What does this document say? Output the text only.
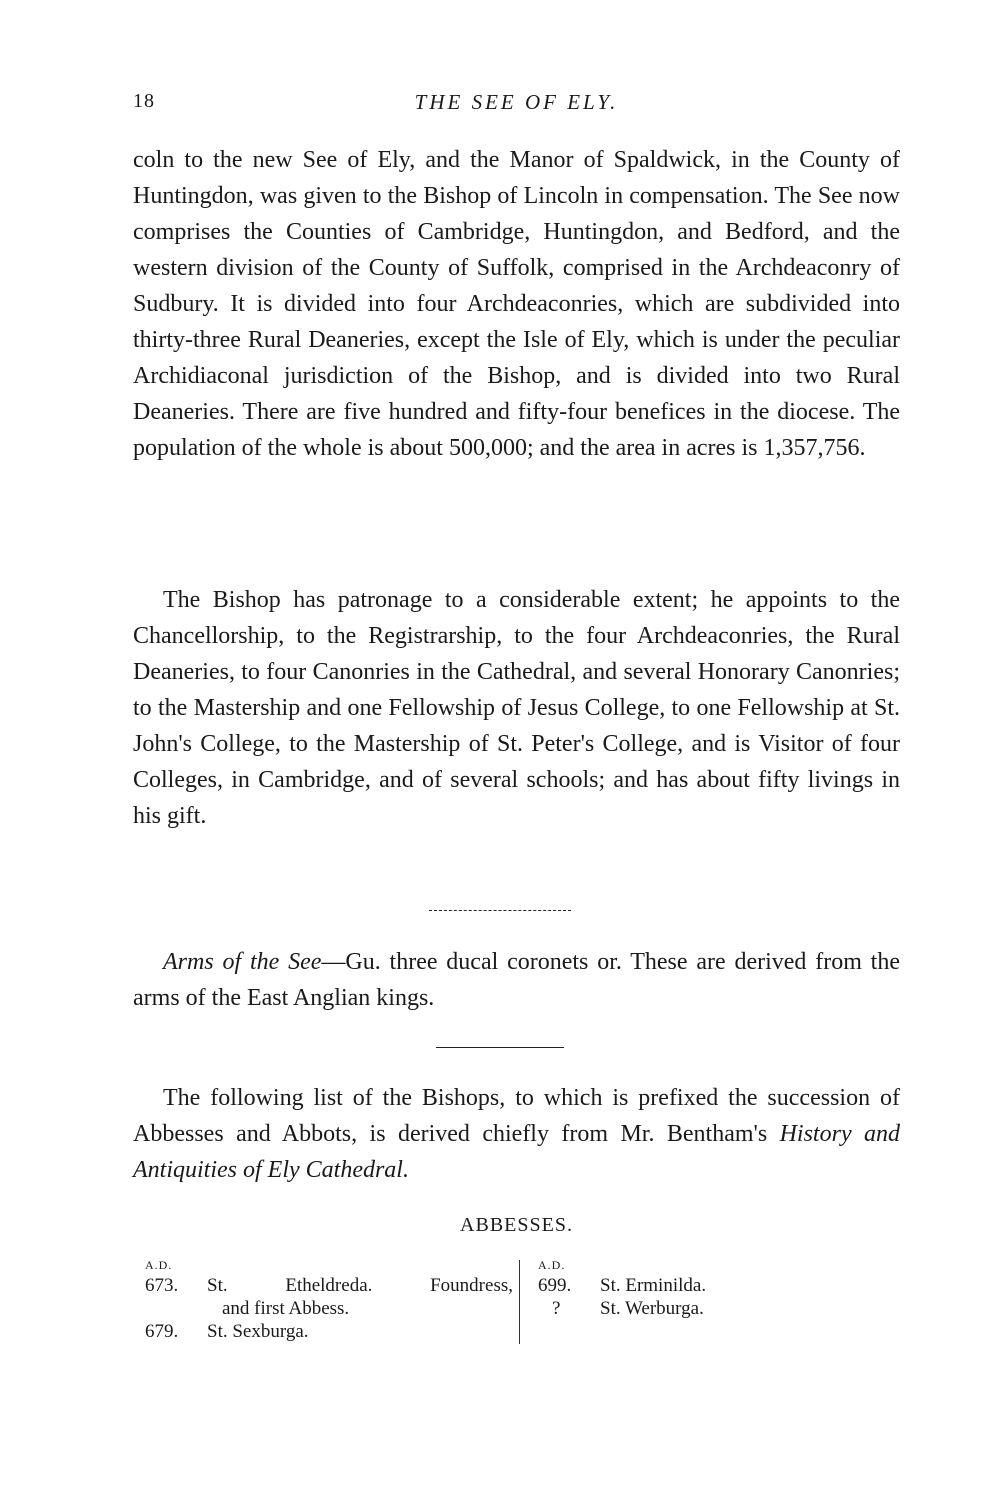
18	THE SEE OF ELY.

coln to the new See of Ely, and the Manor of Spaldwick, in the County of Huntingdon, was given to the Bishop of Lincoln in compensation. The See now comprises the Counties of Cambridge, Huntingdon, and Bedford, and the western division of the County of Suffolk, comprised in the Archdeaconry of Sudbury. It is divided into four Archdeaconries, which are subdivided into thirty-three Rural Deaneries, except the Isle of Ely, which is under the peculiar Archidiaconal jurisdiction of the Bishop, and is divided into two Rural Deaneries. There are five hundred and fifty-four benefices in the diocese. The population of the whole is about 500,000; and the area in acres is 1,357,756.

The Bishop has patronage to a considerable extent; he appoints to the Chancellorship, to the Registrarship, to the four Archdeaconries, the Rural Deaneries, to four Canonries in the Cathedral, and several Honorary Canonries; to the Mastership and one Fellowship of Jesus College, to one Fellowship at St. John's College, to the Mastership of St. Peter's College, and is Visitor of four Colleges, in Cambridge, and of several schools; and has about fifty livings in his gift.

Arms of the See—Gu. three ducal coronets or. These are derived from the arms of the East Anglian kings.

The following list of the Bishops, to which is prefixed the succession of Abbesses and Abbots, is derived chiefly from Mr. Bentham's History and Antiquities of Ely Cathedral.

ABBESSES.
A.D.
673.	St. Etheldreda. Foundress,
and first Abbess.
679.	St. Sexburga.
A.D.
699.	St. Erminilda.
?	St. Werburga.
